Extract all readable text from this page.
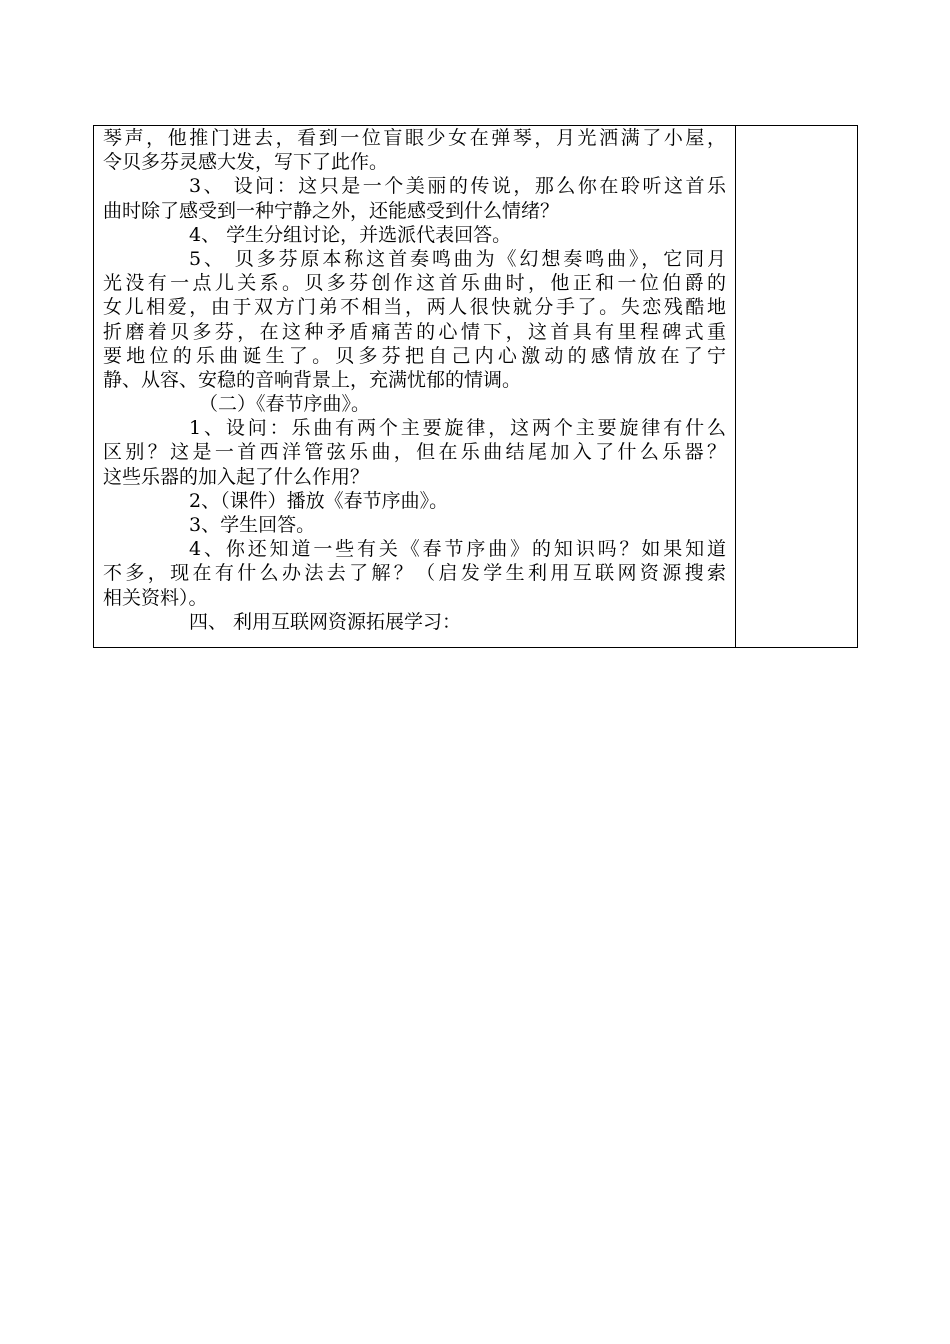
琴声，他推门进去，看到一位盲眼少女在弹琴，月光洒满了小屋，
令贝多芬灵感大发，写下了此作。
3、 设问：这只是一个美丽的传说，那么你在聆听这首乐
曲时除了感受到一种宁静之外，还能感受到什么情绪？
4、 学生分组讨论，并选派代表回答。
5、 贝多芬原本称这首奏鸣曲为《幻想奏鸣曲》，它同月
光没有一点儿关系。贝多芬创作这首乐曲时，他正和一位伯爵的
女儿相爱，由于双方门弟不相当，两人很快就分手了。失恋残酷地
折磨着贝多芬，在这种矛盾痛苦的心情下，这首具有里程碑式重
要地位的乐曲诞生了。贝多芬把自己内心激动的感情放在了宁
静、从容、安稳的音响背景上，充满忧郁的情调。
（二）《春节序曲》。
1、设问：乐曲有两个主要旋律，这两个主要旋律有什么
区别？这是一首西洋管弦乐曲，但在乐曲结尾加入了什么乐器？
这些乐器的加入起了什么作用？
2、（课件）播放《春节序曲》。
3、学生回答。
4、你还知道一些有关《春节序曲》的知识吗？如果知道
不多，现在有什么办法去了解？（启发学生利用互联网资源搜索
相关资料）。
四、 利用互联网资源拓展学习：
